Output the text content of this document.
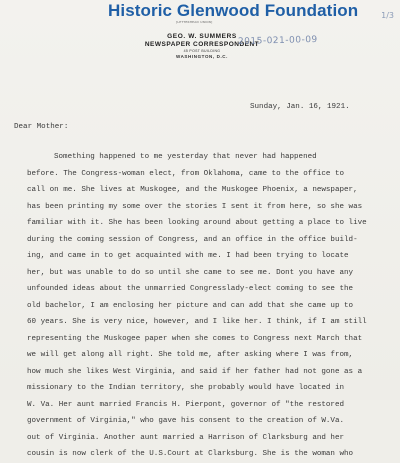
Historic Glenwood Foundation	1/3
[LETTERHEAD UNION]
GEO. W. SUMMERS
NEWSPAPER CORRESPONDENT
45 POST BUILDING
WASHINGTON, D.C.
2015-021-00-09
Sunday, Jan. 16, 1921.
Dear Mother:
Something happened to me yesterday that never had happened
before. The Congress-woman elect, from Oklahoma, came to the office to
call on me. She lives at Muskogee, and the Muskogee Phoenix, a newspaper,
has been printing my some over the stories I sent it from here, so she was
familiar with it. She has been looking around about getting a place to live
during the coming session of Congress, and an office in the office build-
ing, and came in to get acquainted with me. I had been trying to locate
her, but was unable to do so until she came to see me. Dont you have any
unfounded ideas about the unmarried Congresslady-elect coming to see the
old bachelor, I am enclosing her picture and can add that she came up to
60 years. She is very nice, however, and I like her. I think, if I am still
representing the Muskogee paper when she comes to Congress next March that
we will get along all right. She told me, after asking where I was from,
how much she likes West Virginia, and said if her father had not gone as a
missionary to the Indian territory, she probably would have located in
W. Va. Her aunt married Francis H. Pierpont, governor of "the restored
government of Virginia," who gave his consent to the creation of W.Va.
out of Virginia. Another aunt married a Harrison of Clarksburg and her
cousin is now clerk of the U.S.Court at Clarksburg. She is the woman who
